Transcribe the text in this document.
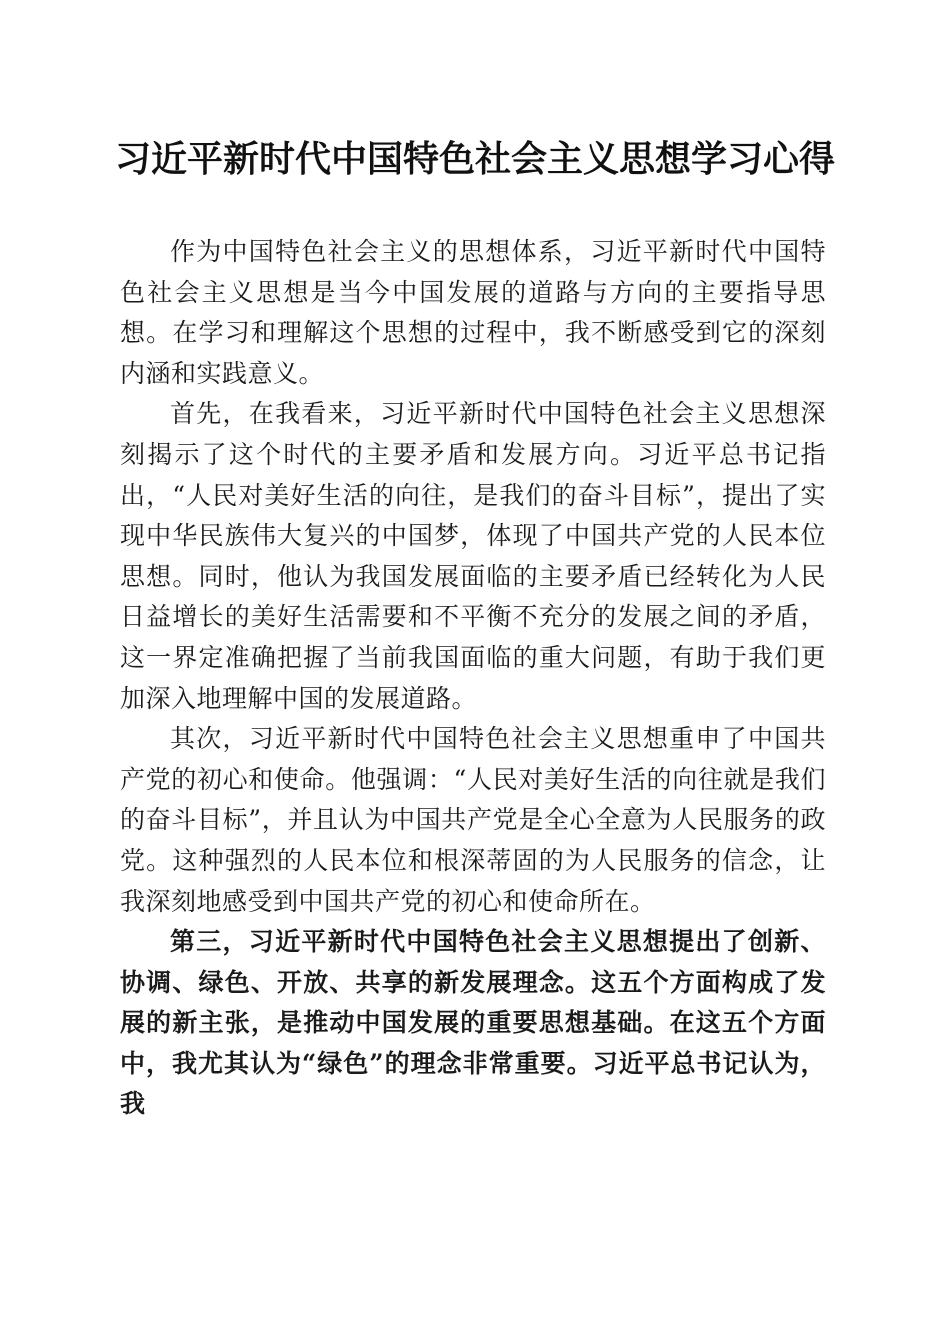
习近平新时代中国特色社会主义思想学习心得

作为中国特色社会主义的思想体系，习近平新时代中国特色社会主义思想是当今中国发展的道路与方向的主要指导思想。在学习和理解这个思想的过程中，我不断感受到它的深刻内涵和实践意义。

首先，在我看来，习近平新时代中国特色社会主义思想深刻揭示了这个时代的主要矛盾和发展方向。习近平总书记指出，“人民对美好生活的向往，是我们的奋斗目标”，提出了实现中华民族伟大复兴的中国梦，体现了中国共产党的人民本位思想。同时，他认为我国发展面临的主要矛盾已经转化为人民日益增长的美好生活需要和不平衡不充分的发展之间的矛盾，这一界定准确把握了当前我国面临的重大问题，有助于我们更加深入地理解中国的发展道路。

其次，习近平新时代中国特色社会主义思想重申了中国共产党的初心和使命。他强调：“人民对美好生活的向往就是我们的奋斗目标”，并且认为中国共产党是全心全意为人民服务的政党。这种强烈的人民本位和根深蒂固的为人民服务的信念，让我深刻地感受到中国共产党的初心和使命所在。

第三，习近平新时代中国特色社会主义思想提出了创新、协调、绿色、开放、共享的新发展理念。这五个方面构成了发展的新主张，是推动中国发展的重要思想基础。在这五个方面中，我尤其认为“绿色”的理念非常重要。习近平总书记认为，我
